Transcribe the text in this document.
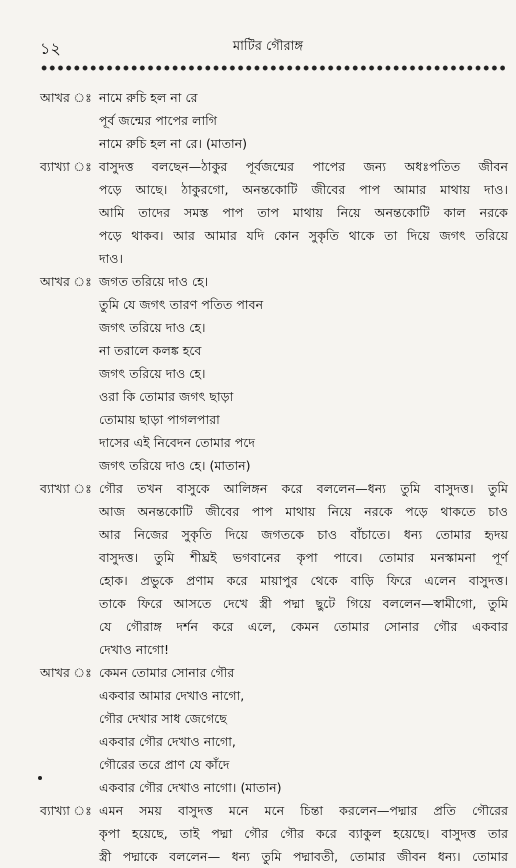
১২	মাটির গৌরাঙ্গ
আখর ঃ নামে রুচি হল না রে
পূর্ব জন্মের পাপের লাগি
নামে রুচি হল না রে। (মাতান)
ব্যাখ্যা ঃ বাসুদত্ত বলছেন—ঠাকুর পূর্বজন্মের পাপের জন্য অধঃপতিত জীবন
পড়ে আছে। ঠাকুরগো, অনন্তকোটি জীবের পাপ আমার মাথায় দাও।
আমি তাদের সমস্ত পাপ তাপ মাথায় নিয়ে অনন্তকোটি কাল নরকে
পড়ে থাকব। আর আমার যদি কোন সুকৃতি থাকে তা দিয়ে জগৎ তরিয়ে
দাও।
আখর ঃ জগত তরিয়ে দাও হে।
তুমি যে জগৎ তারণ পতিত পাবন
জগৎ তরিয়ে দাও হে।
না তরালে কলঙ্ক হবে
জগৎ তরিয়ে দাও হে।
ওরা কি তোমার জগৎ ছাড়া
তোমায় ছাড়া পাগলপারা
দাসের এই নিবেদন তোমার পদে
জগৎ তরিয়ে দাও হে। (মাতান)
ব্যাখ্যা ঃ গৌর তখন বাসুকে আলিঙ্গন করে বললেন—ধন্য তুমি বাসুদত্ত। তুমি
আজ অনন্তকোটি জীবের পাপ মাথায় নিয়ে নরকে পড়ে থাকতে চাও
আর নিজের সুকৃতি দিয়ে জগতকে চাও বাঁচাতে। ধন্য তোমার হৃদয়
বাসুদত্ত। তুমি শীঘ্রই ভগবানের কৃপা পাবে। তোমার মনস্কামনা পূর্ণ
হোক। প্রভুকে প্রণাম করে মায়াপুর থেকে বাড়ি ফিরে এলেন বাসুদত্ত।
তাকে ফিরে আসতে দেখে স্ত্রী পদ্মা ছুটে গিয়ে বললেন—স্বামীগো, তুমি
যে গৌরাঙ্গ দর্শন করে এলে, কেমন তোমার সোনার গৌর একবার
দেখাও নাগো!
আখর ঃ কেমন তোমার সোনার গৌর
একবার আমার দেখাও নাগো,
গৌর দেখার সাধ জেগেছে
একবার গৌর দেখাও নাগো,
গৌরের তরে প্রাণ যে কাঁদে
একবার গৌর দেখাও নাগো। (মাতান)
ব্যাখ্যা ঃ এমন সময় বাসুদত্ত মনে মনে চিন্তা করলেন—পদ্মার প্রতি গৌরের
কৃপা হয়েছে, তাই পদ্মা গৌর গৌর করে ব্যাকুল হয়েছে। বাসুদত্ত তার
স্ত্রী পদ্মাকে বললেন— ধন্য তুমি পদ্মাবতী, তোমার জীবন ধন্য। তোমার
